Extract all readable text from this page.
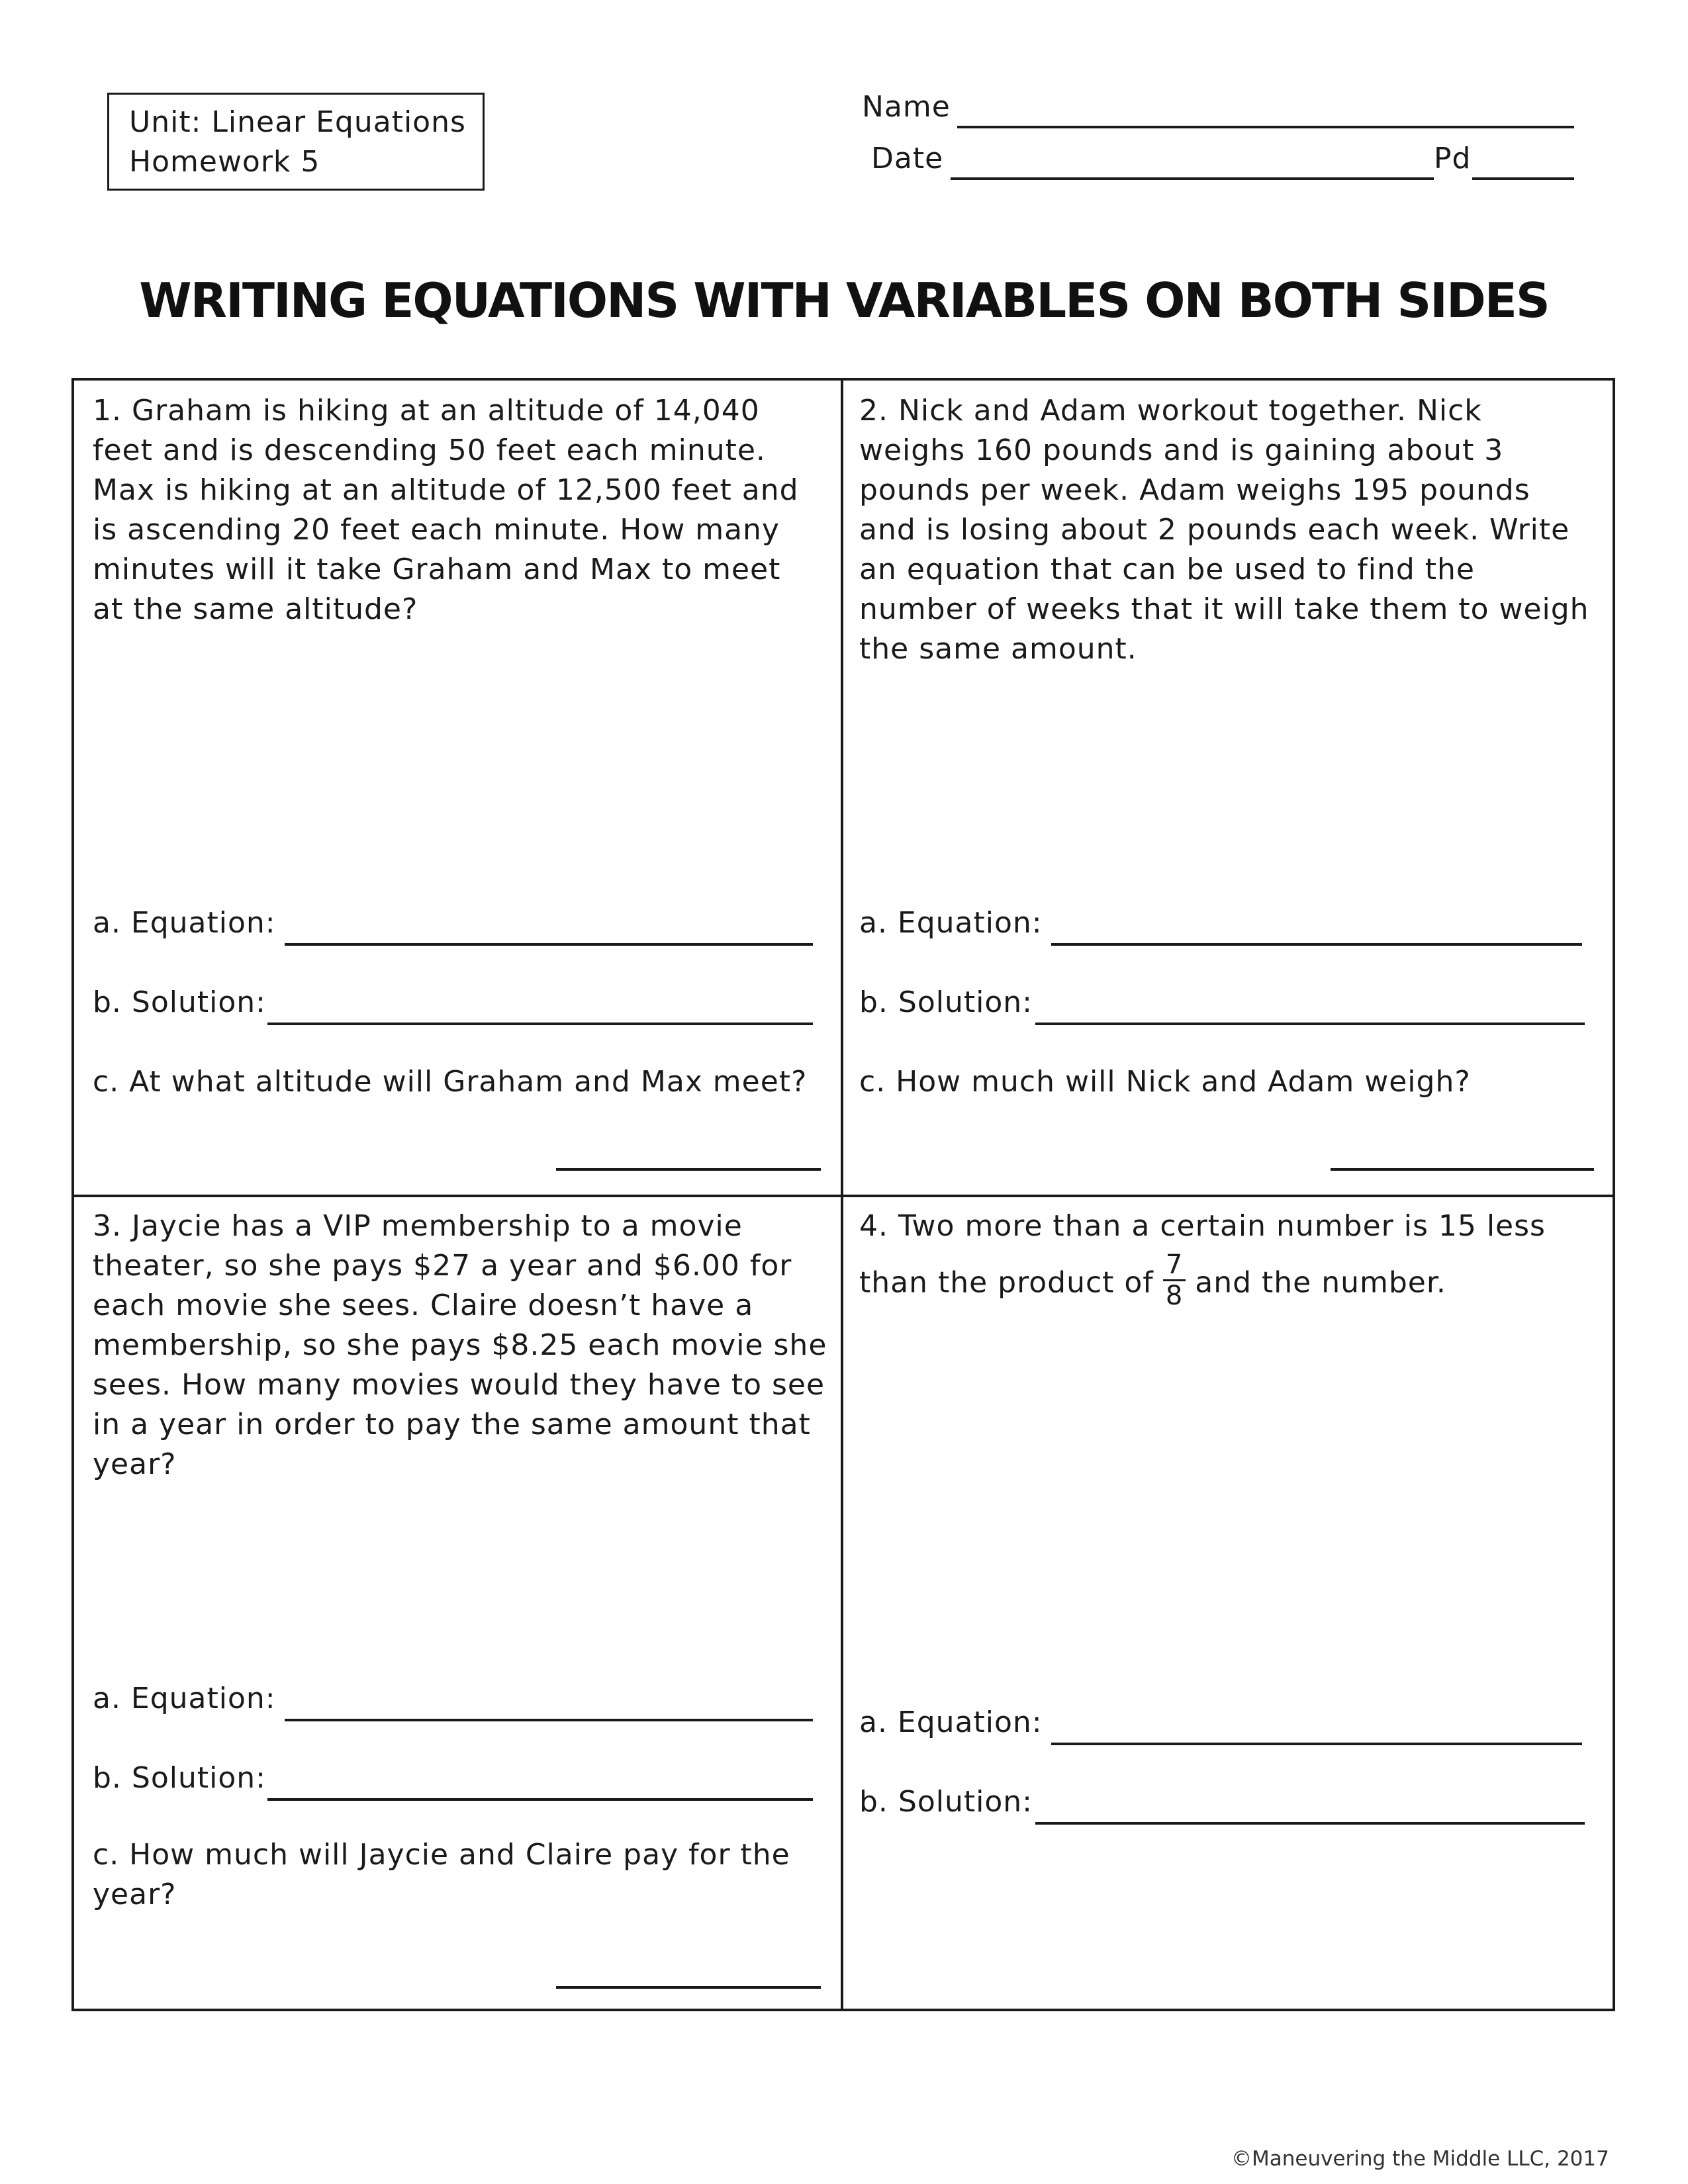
Unit: Linear Equations
Homework 5
Name
Date	Pd
WRITING EQUATIONS WITH VARIABLES ON BOTH SIDES
1. Graham is hiking at an altitude of 14,040 feet and is descending 50 feet each minute. Max is hiking at an altitude of 12,500 feet and is ascending 20 feet each minute. How many minutes will it take Graham and Max to meet at the same altitude?
a. Equation:
b. Solution:
c. At what altitude will Graham and Max meet?
2. Nick and Adam workout together. Nick weighs 160 pounds and is gaining about 3 pounds per week. Adam weighs 195 pounds and is losing about 2 pounds each week. Write an equation that can be used to find the number of weeks that it will take them to weigh the same amount.
a. Equation:
b. Solution:
c. How much will Nick and Adam weigh?
3. Jaycie has a VIP membership to a movie theater, so she pays $27 a year and $6.00 for each movie she sees. Claire doesn’t have a membership, so she pays $8.25 each movie she sees. How many movies would they have to see in a year in order to pay the same amount that year?
a. Equation:
b. Solution:
c. How much will Jaycie and Claire pay for the year?
4. Two more than a certain number is 15 less
than the product of $\frac{7}{8}$ and the number.
a. Equation:
b. Solution:
©Maneuvering the Middle LLC, 2017
